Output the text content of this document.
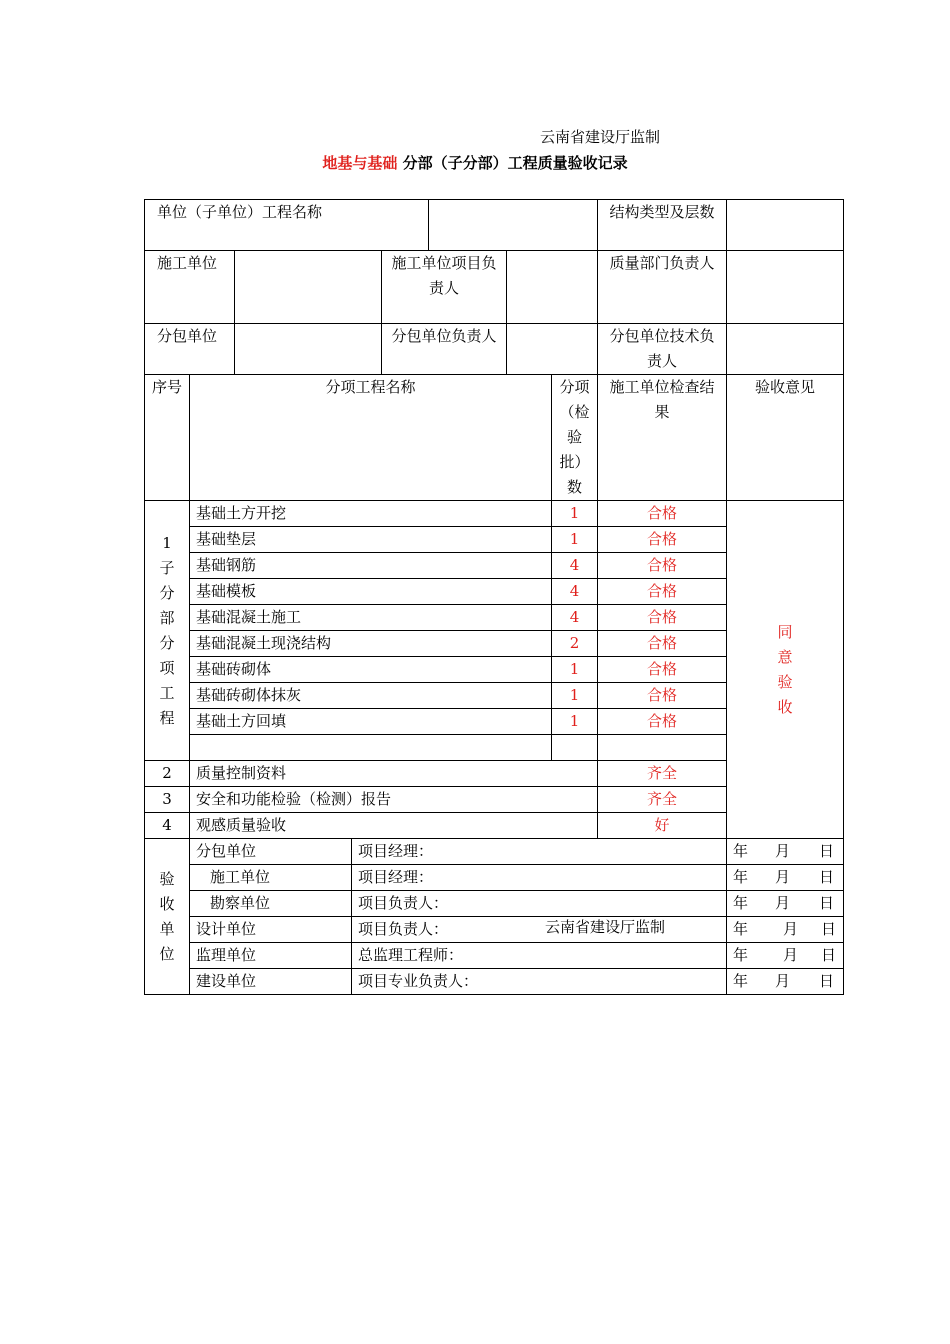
云南省建设厅监制
地基与基础 分部（子分部）工程质量验收记录
单位（子单位）工程名称								结构类型及层数	
施工单位				施工单位项目负责人				质量部门负责人	
分包单位				分包单位负责人				分包单位技术负责人	
序号	分项工程名称						分项（检验批）数	施工单位检查结果	验收意见
1 子 分 部 分 项 工 程	基础土方开挖						1	合格	同 意 验 收
	基础垫层						1	合格	
	基础钢筋						4	合格	
	基础模板						4	合格	
	基础混凝土施工						4	合格	
	基础混凝土现浇结构						2	合格	
	基础砖砌体						1	合格	
	基础砖砌体抹灰						1	合格	
	基础土方回填						1	合格	

2	质量控制资料							齐全	
3	安全和功能检验（检测）报告							齐全	
4	观感质量验收							好	
验 收 单 位	分包单位		项目经理：						年 月 日
	施工单位		项目经理：						年 月 日
	勘察单位		项目负责人：						年 月 日
	设计单位		项目负责人：						年 月 日
	监理单位		总监理工程师：						年 月 日
	建设单位		项目专业负责人：						年 月 日
云南省建设厅监制
